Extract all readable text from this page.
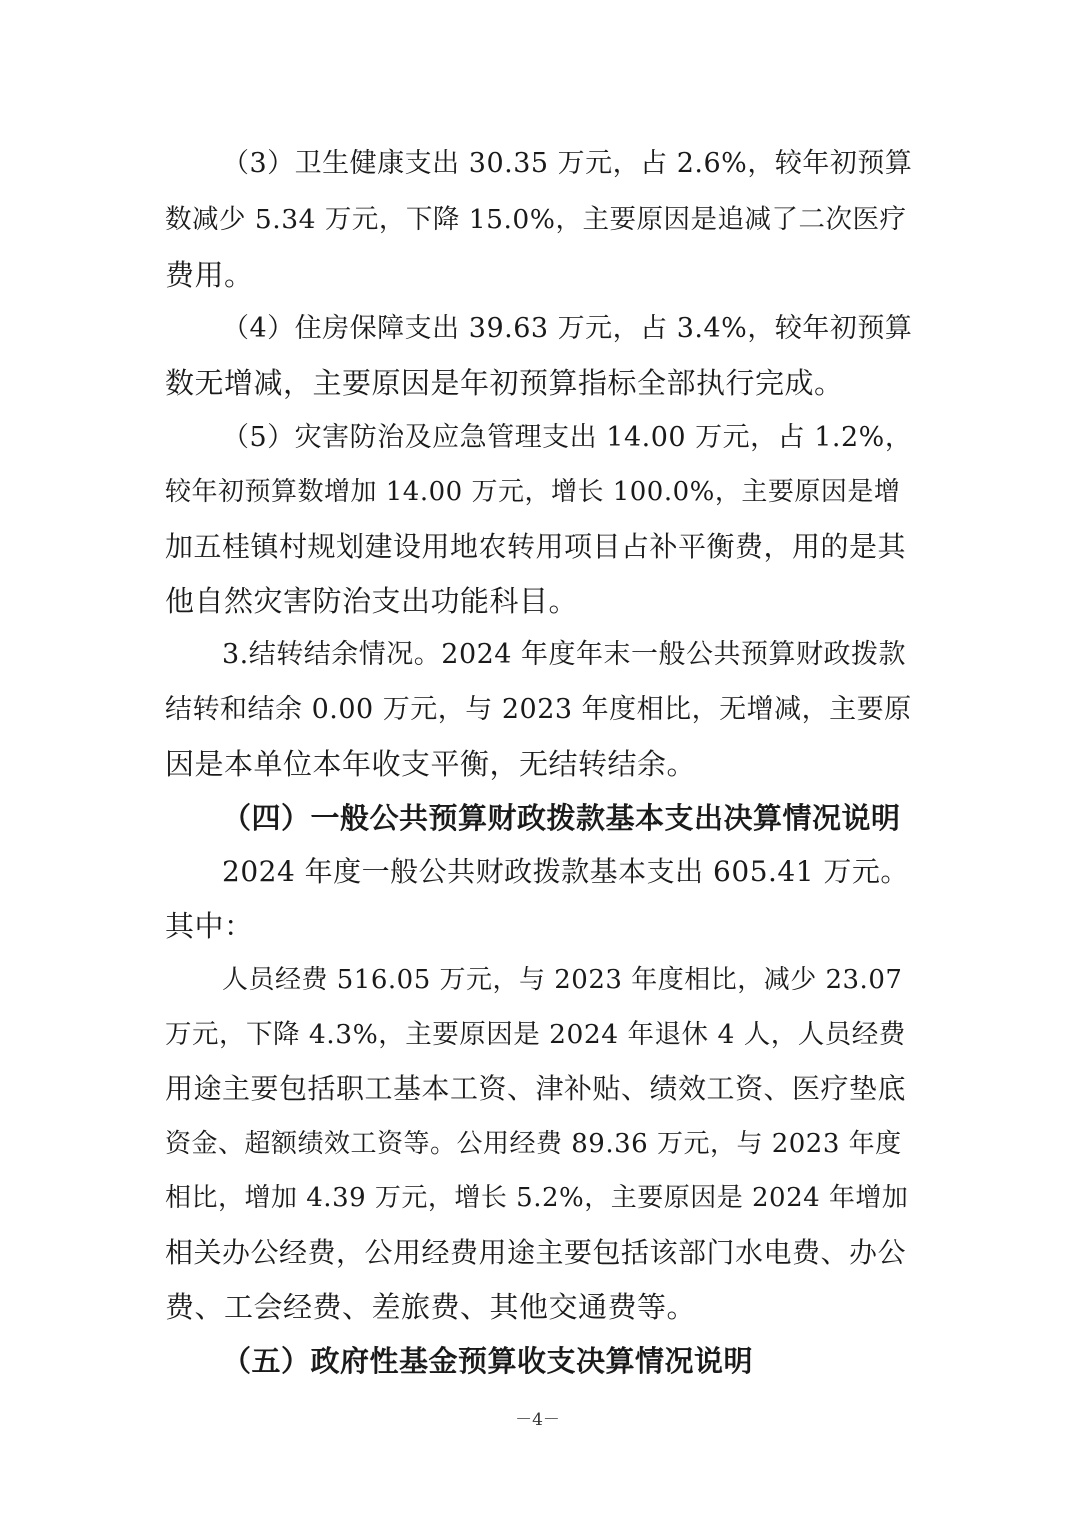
（3）卫生健康支出 30.35 万元，占 2.6%，较年初预算

数减少 5.34 万元，下降 15.0%，主要原因是追减了二次医疗

费用。

（4）住房保障支出 39.63 万元，占 3.4%，较年初预算

数无增减，主要原因是年初预算指标全部执行完成。

（5）灾害防治及应急管理支出 14.00 万元，占 1.2%，

较年初预算数增加 14.00 万元，增长 100.0%，主要原因是增

加五桂镇村规划建设用地农转用项目占补平衡费，用的是其

他自然灾害防治支出功能科目。

3.结转结余情况。2024 年度年末一般公共预算财政拨款

结转和结余 0.00 万元，与 2023 年度相比，无增减，主要原

因是本单位本年收支平衡，无结转结余。

（四）一般公共预算财政拨款基本支出决算情况说明

2024 年度一般公共财政拨款基本支出 605.41 万元。

其中：

人员经费 516.05 万元，与 2023 年度相比，减少 23.07

万元，下降 4.3%，主要原因是 2024 年退休 4 人，人员经费

用途主要包括职工基本工资、津补贴、绩效工资、医疗垫底

资金、超额绩效工资等。公用经费 89.36 万元，与 2023 年度

相比，增加 4.39 万元，增长 5.2%，主要原因是 2024 年增加

相关办公经费，公用经费用途主要包括该部门水电费、办公

费、工会经费、差旅费、其他交通费等。

（五）政府性基金预算收支决算情况说明

－4－
